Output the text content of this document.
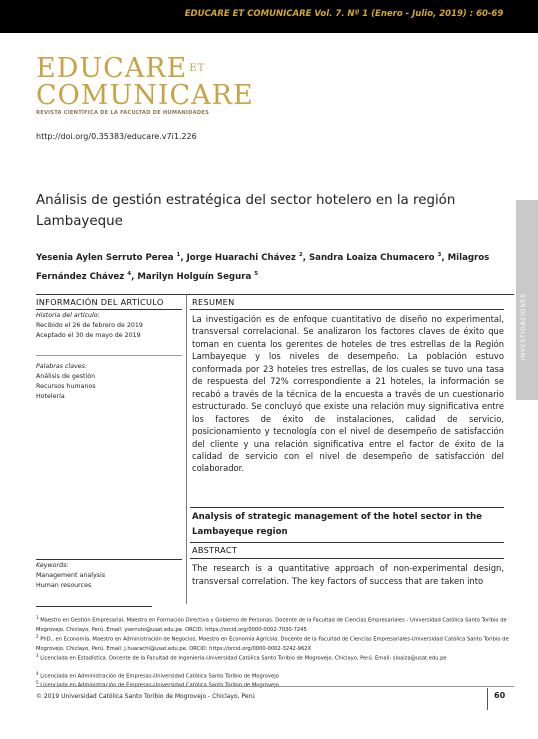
EDUCARE ET COMUNICARE Vol. 7. Nº 1 (Enero - Julio, 2019) : 60-69
EDUCARE $^{ET}$
COMUNICARE
REVISTA CIENTÍFICA DE LA FACULTAD DE HUMANIDADES
http://doi.org/0.35383/educare.v7i1.226
Análisis de gestión estratégica del sector hotelero en la región Lambayeque
Yesenia Aylen Serruto Perea $^1$, Jorge Huarachi Chávez $^2$, Sandra Loaiza Chumacero $^3$, Milagros Fernández Chávez $^4$, Marilyn Holguín Segura $^5$
INVESTIGACIONES
INFORMACIÓN DEL ARTÍCULO	RESUMEN
Historia del artículo:
Recibido el 26 de febrero de 2019
Aceptado el 30 de mayo de 2019
Palabras claves:
Análisis de gestión
Recursos humanos
Hotelería
La investigación es de enfoque cuantitativo de diseño no experimental, transversal correlacional. Se analizaron los factores claves de éxito que toman en cuenta los gerentes de hoteles de tres estrellas de la Región Lambayeque y los niveles de desempeño. La población estuvo conformada por 23 hoteles tres estrellas, de los cuales se tuvo una tasa de respuesta del 72% correspondiente a 21 hoteles, la información se recabó a través de la técnica de la encuesta a través de un cuestionario estructurado. Se concluyó que existe una relación muy significativa entre los factores de éxito de instalaciones, calidad de servicio, posicionamiento y tecnología con el nivel de desempeño de satisfacción del cliente y una relación significativa entre el factor de éxito de la calidad de servicio con el nivel de desempeño de satisfacción del colaborador.
Analysis of strategic management of the hotel sector in the Lambayeque region
ABSTRACT
Keywords:
Management analysis
Human resources
The research is a quantitative approach of non-experimental design, transversal correlation. The key factors of success that are taken into
$^1$ Maestro en Gestión Empresarial, Maestro en Formación Directiva y Gobierno de Personas. Docente de la Facultad de Ciencias Empresariales - Universidad Católica Santo Toribio de Mogrovejo. Chiclayo, Perú. Email: yserruto@usat.edu.pe. ORCID: https://orcid.org/0000-0002-7030-7245
$^2$ PhD., en Economía. Maestro en Administración de Negocios, Maestro en Economía Agrícola. Docente de la Facultad de Ciencias Empresariales-Universidad Católica Santo Toribio de Mogrovejo. Chiclayo, Perú. Email: j.huarachi@usat.edu.pe. ORCID: https://orcid.org/0000-0002-3242-962X
$^3$ Licenciada en Estadística. Docente de la Facultad de Ingeniería-Universidad Católica Santo Toribio de Mogrovejo. Chiclayo, Perú. Email: sloaiza@usat.edu.pe
$^4$ Licenciada en Administración de Empresas-Universidad Católica Santo Toribio de Mogrovejo
$^5$
© 2019 Universidad Católica Santo Toribio de Mogrovejo - Chiclayo, Perú	60
